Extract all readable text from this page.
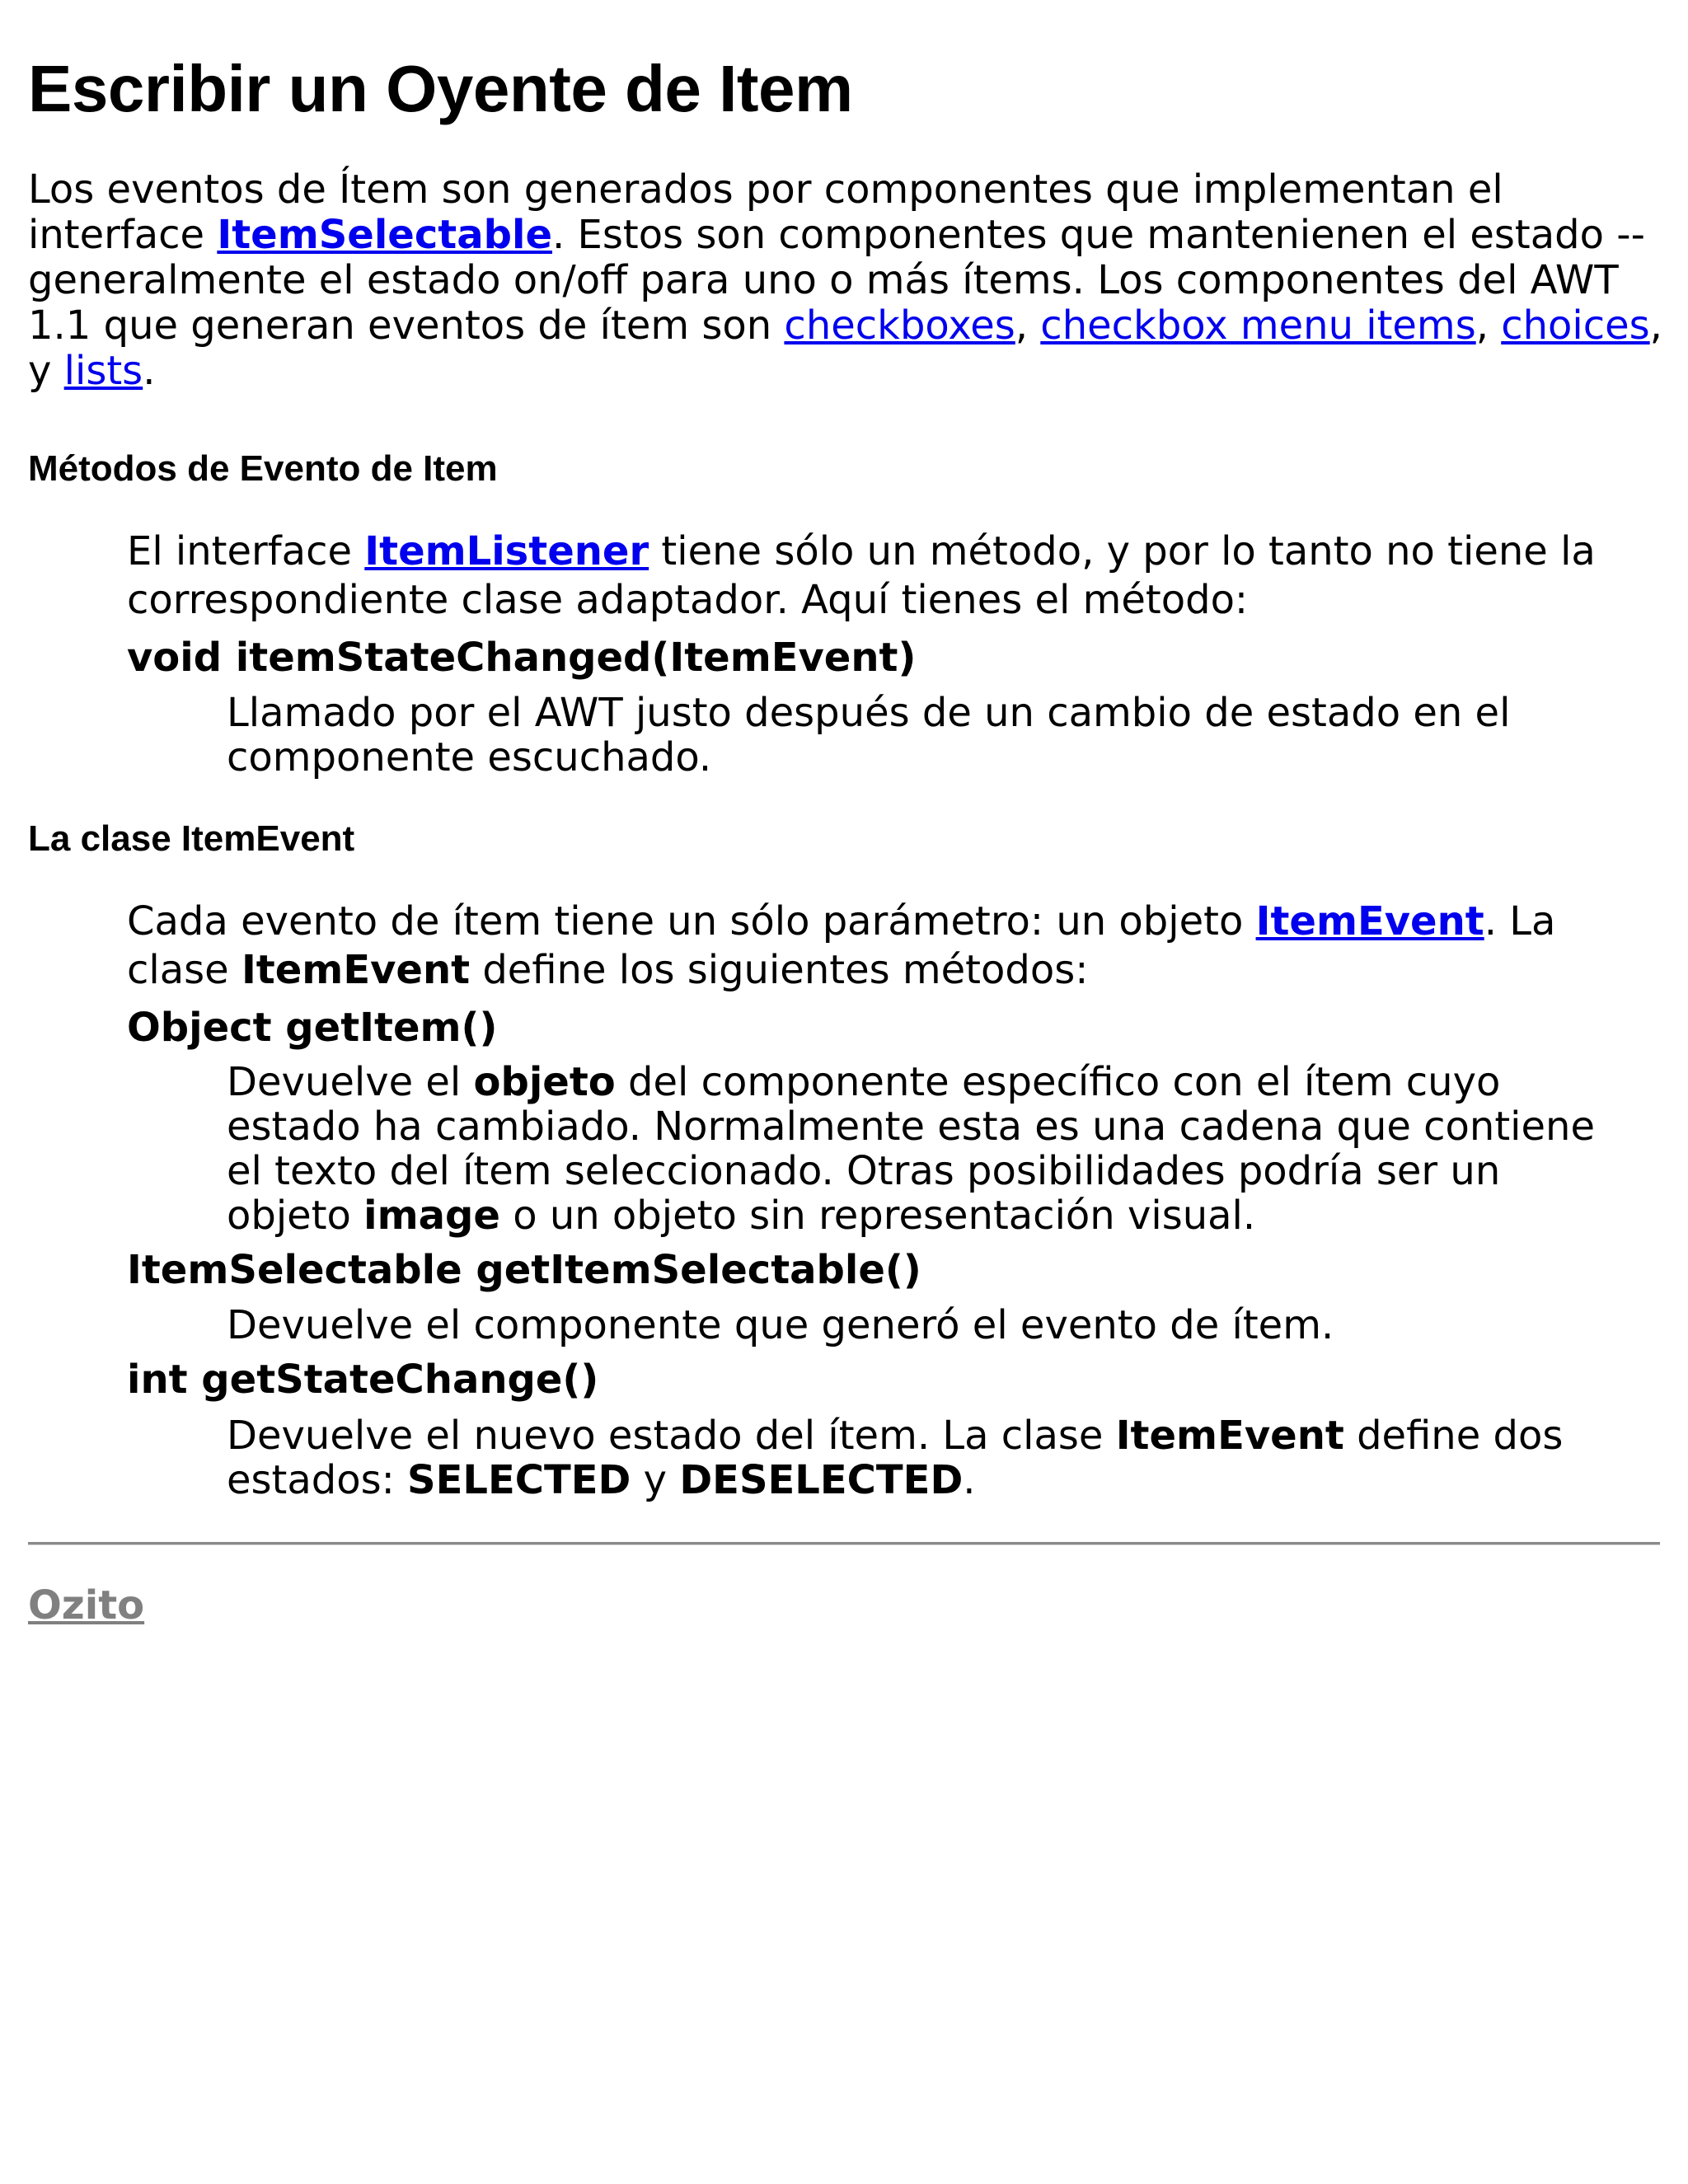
Escribir un Oyente de Item

Los eventos de Ítem son generados por componentes que implementan el interface ItemSelectable. Estos son componentes que mantenienen el estado -- generalmente el estado on/off para uno o más ítems. Los componentes del AWT 1.1 que generan eventos de ítem son checkboxes, checkbox menu items, choices, y lists.

Métodos de Evento de Item

El interface ItemListener tiene sólo un método, y por lo tanto no tiene la correspondiente clase adaptador. Aquí tienes el método:

void itemStateChanged(ItemEvent)

Llamado por el AWT justo después de un cambio de estado en el componente escuchado.

La clase ItemEvent

Cada evento de ítem tiene un sólo parámetro: un objeto ItemEvent. La clase ItemEvent define los siguientes métodos:

Object getItem()

Devuelve el objeto del componente específico con el ítem cuyo estado ha cambiado. Normalmente esta es una cadena que contiene el texto del ítem seleccionado. Otras posibilidades podría ser un objeto image o un objeto sin representación visual.

ItemSelectable getItemSelectable()

Devuelve el componente que generó el evento de ítem.

int getStateChange()

Devuelve el nuevo estado del ítem. La clase ItemEvent define dos estados: SELECTED y DESELECTED.

Ozito
